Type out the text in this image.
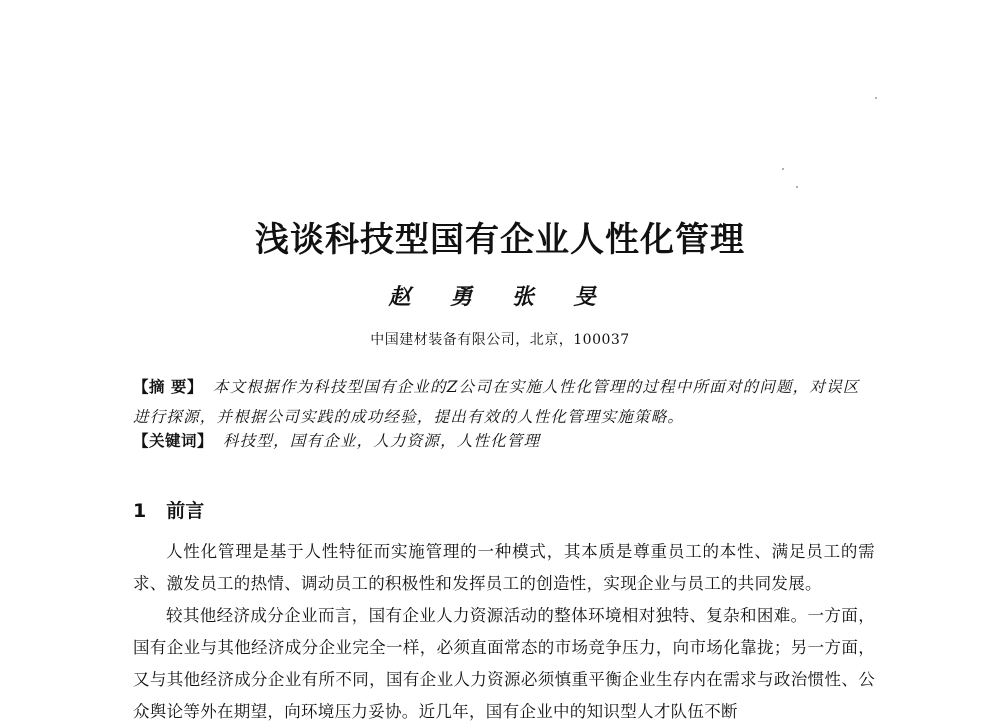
浅谈科技型国有企业人性化管理
赵 勇 张 旻
中国建材装备有限公司，北京，100037
【摘 要】 本文根据作为科技型国有企业的Z公司在实施人性化管理的过程中所面对的问题，对误区进行探源，并根据公司实践的成功经验，提出有效的人性化管理实施策略。
【关键词】 科技型，国有企业，人力资源，人性化管理
1 前言

人性化管理是基于人性特征而实施管理的一种模式，其本质是尊重员工的本性、满足员工的需求、激发员工的热情、调动员工的积极性和发挥员工的创造性，实现企业与员工的共同发展。

较其他经济成分企业而言，国有企业人力资源活动的整体环境相对独特、复杂和困难。一方面，国有企业与其他经济成分企业完全一样，必须直面常态的市场竞争压力，向市场化靠拢；另一方面，又与其他经济成分企业有所不同，国有企业人力资源必须慎重平衡企业生存内在需求与政治惯性、公众舆论等外在期望，向环境压力妥协。近几年，国有企业中的知识型人才队伍不断
